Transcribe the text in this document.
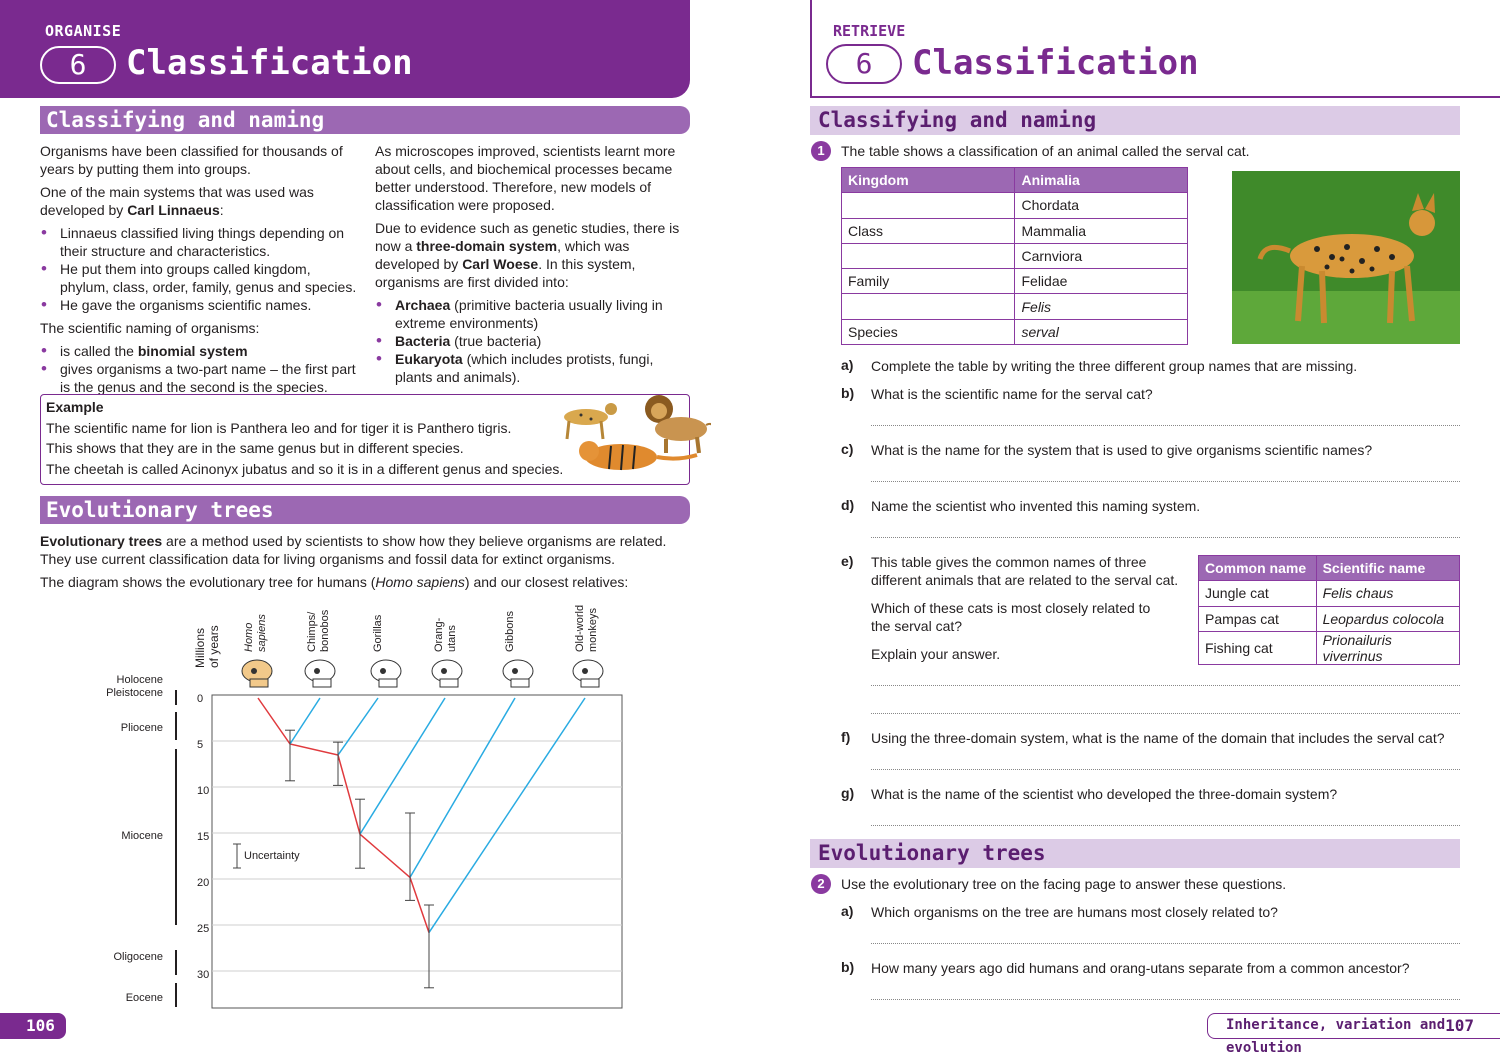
ORGANISE
6	Classification
Classifying and naming

Organisms have been classified for thousands of years by putting them into groups.

One of the main systems that was used was developed by Carl Linnaeus:

• Linnaeus classified living things depending on their structure and characteristics.
• He put them into groups called kingdom, phylum, class, order, family, genus and species.
• He gave the organisms scientific names.

The scientific naming of organisms:

• is called the binomial system
• gives organisms a two-part name – the first part is the genus and the second is the species.

As microscopes improved, scientists learnt more about cells, and biochemical processes became better understood. Therefore, new models of classification were proposed.

Due to evidence such as genetic studies, there is now a three-domain system, which was developed by Carl Woese. In this system, organisms are first divided into:

• Archaea (primitive bacteria usually living in extreme environments)
• Bacteria (true bacteria)
• Eukaryota (which includes protists, fungi, plants and animals).
Example
The scientific name for lion is Panthera leo and for tiger it is Panthero tigris.
This shows that they are in the same genus but in different species.
The cheetah is called Acinonyx jubatus and so it is in a different genus and species.
Evolutionary trees

Evolutionary trees are a method used by scientists to show how they believe organisms are related. They use current classification data for living organisms and fossil data for extinct organisms.

The diagram shows the evolutionary tree for humans (Homo sapiens) and our closest relatives:

Millions of years
0
5
10
15
20
25
30
Holocene
Pleistocene
Pliocene
Miocene
Oligocene
Eocene
Homo sapiens	Chimps/ bonobos	Gorillas	Orang- utans	Gibbons	Old-world monkeys
Uncertainty
106
RETRIEVE
6	Classification
Classifying and naming
1	The table shows a classification of an animal called the serval cat.
Kingdom	Animalia
	Chordata
Class	Mammalia
	Carnviora
Family	Felidae
	Felis
Species	serval
a) Complete the table by writing the three different group names that are missing.
b) What is the scientific name for the serval cat?
c) What is the name for the system that is used to give organisms scientific names?
d) Name the scientist who invented this naming system.
e) This table gives the common names of three different animals that are related to the serval cat.
Which of these cats is most closely related to the serval cat?
Explain your answer.
f) Using the three-domain system, what is the name of the domain that includes the serval cat?
g) What is the name of the scientist who developed the three-domain system?
Common name	Scientific name
Jungle cat	Felis chaus
Pampas cat	Leopardus colocola
Fishing cat	Prionailuris viverrinus
Evolutionary trees
2	Use the evolutionary tree on the facing page to answer these questions.
a) Which organisms on the tree are humans most closely related to?
b) How many years ago did humans and orang-utans separate from a common ancestor?
Inheritance, variation and evolution
107
